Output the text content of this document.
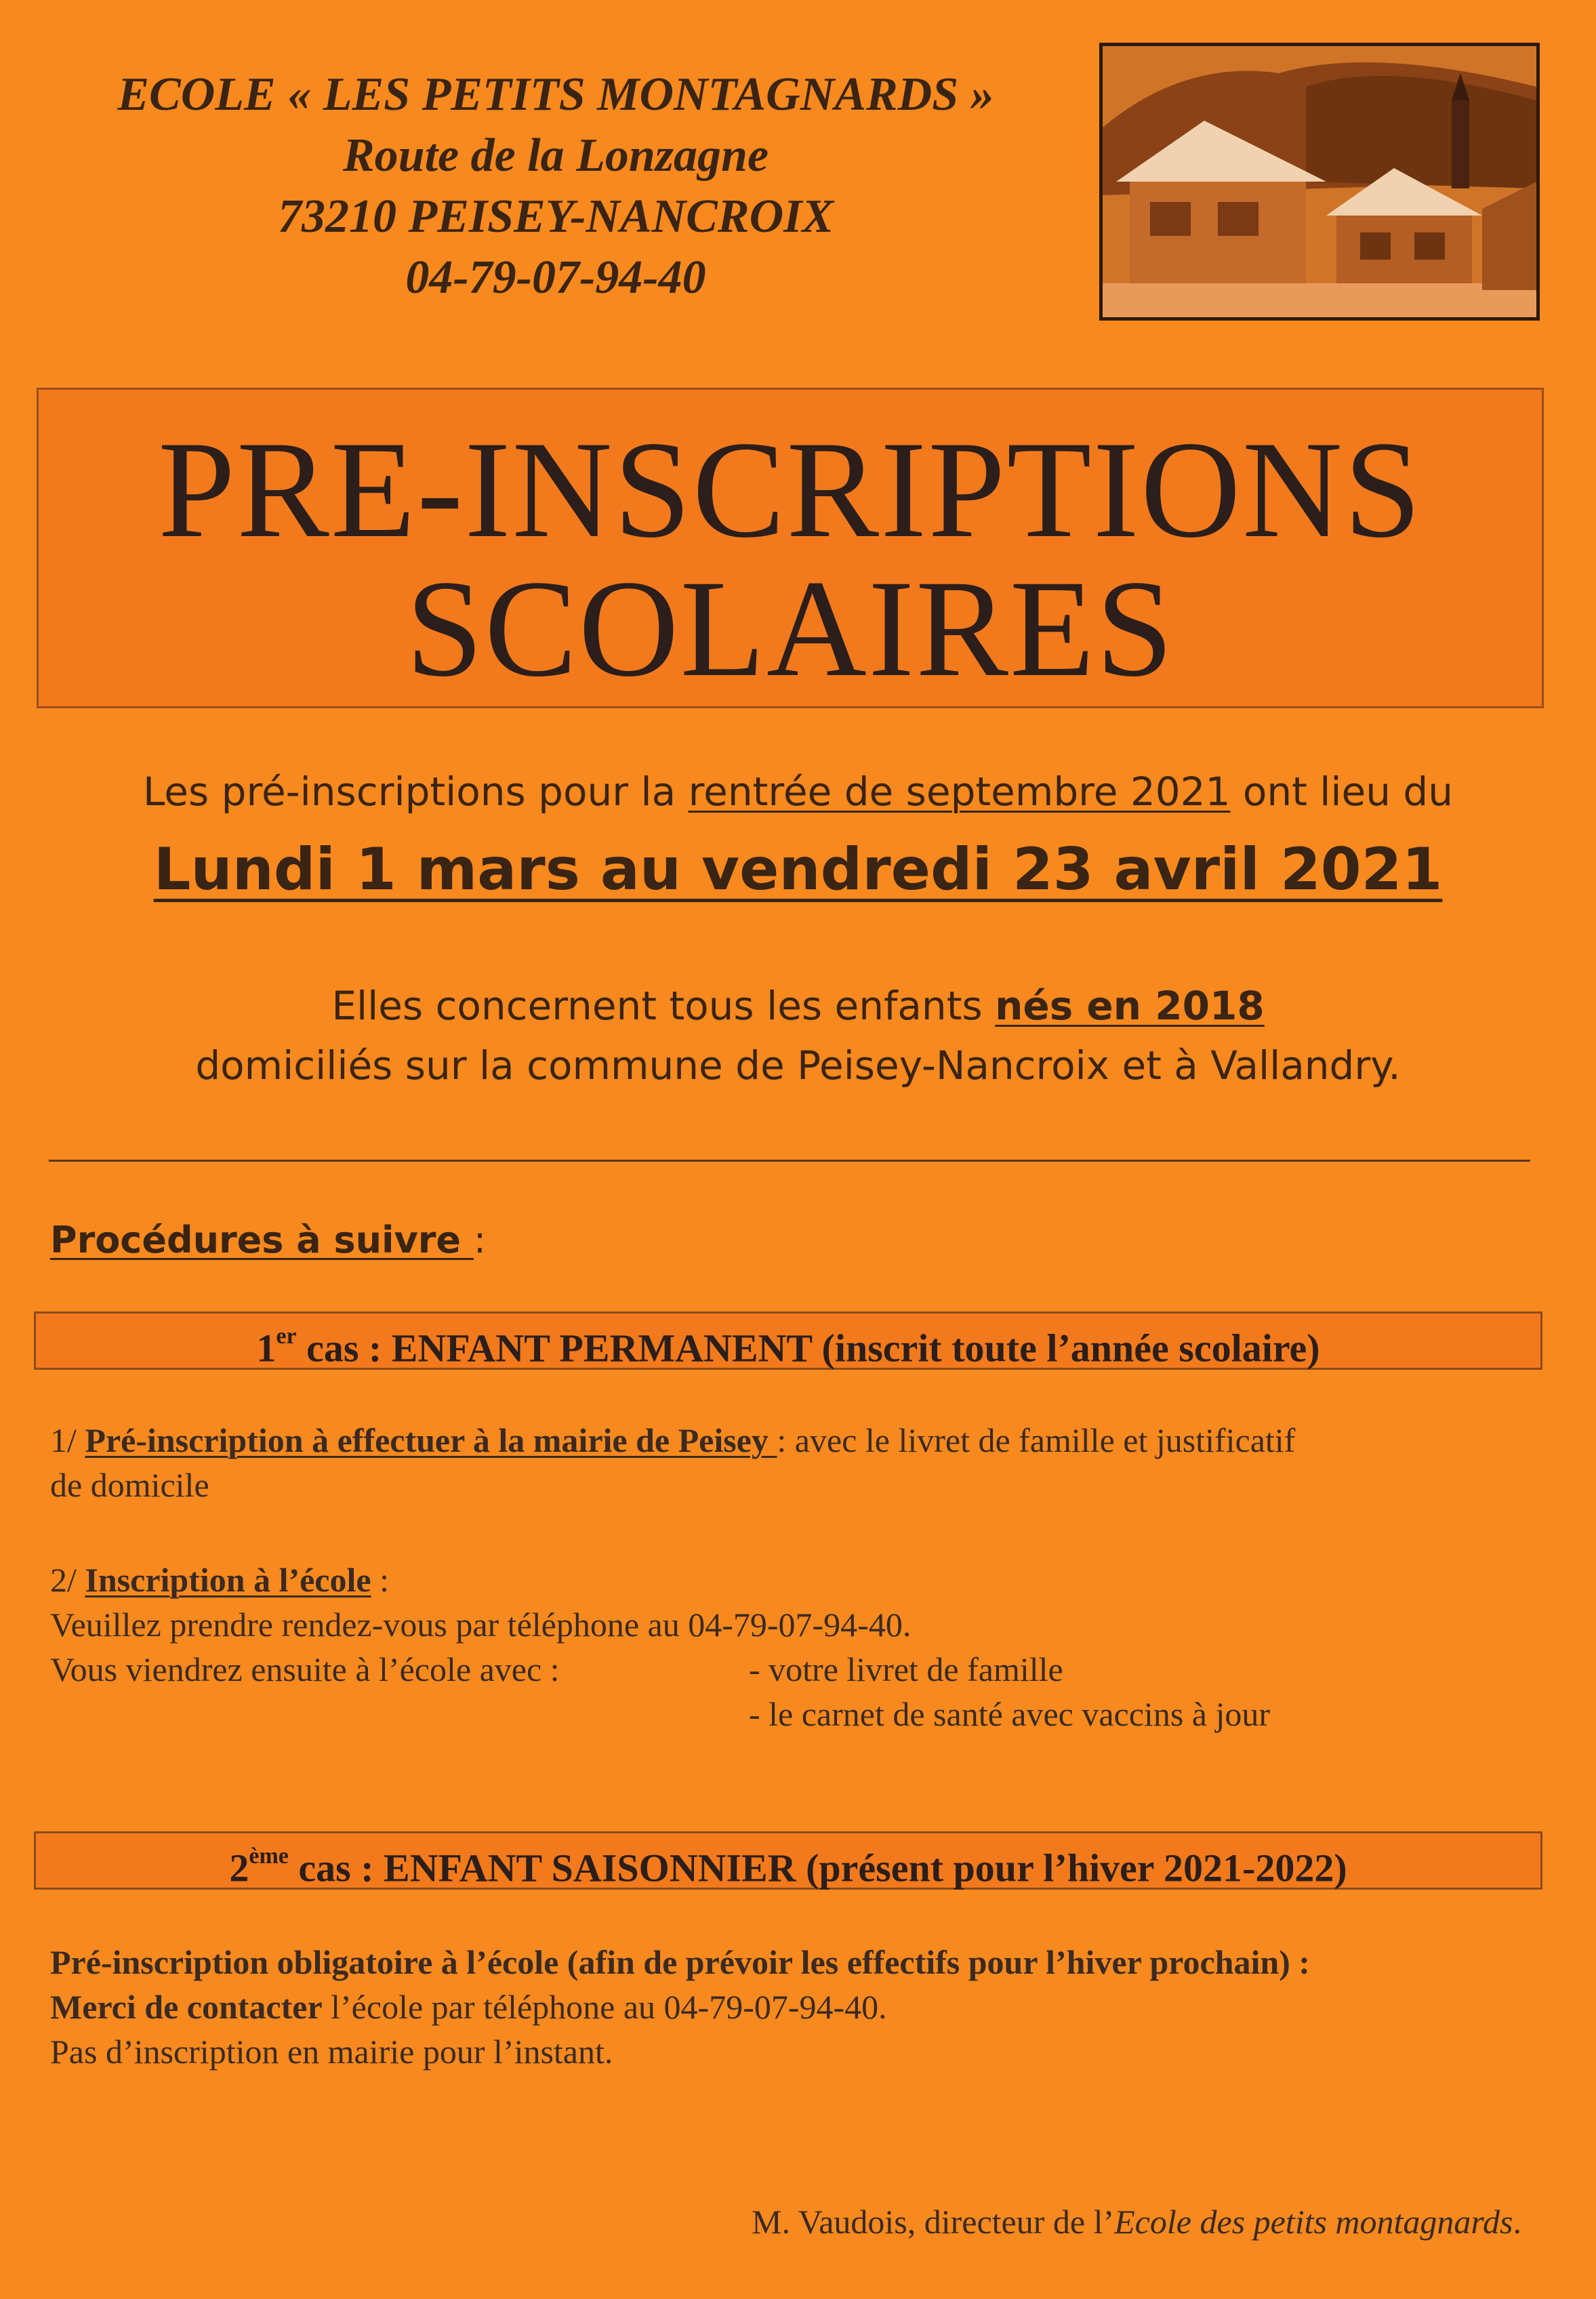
ECOLE « LES PETITS MONTAGNARDS »
Route de la Lonzagne
73210 PEISEY-NANCROIX
04-79-07-94-40
PRE-INSCRIPTIONS
SCOLAIRES
Les pré-inscriptions pour la rentrée de septembre 2021 ont lieu du
Lundi 1 mars au vendredi 23 avril 2021
Elles concernent tous les enfants nés en 2018
domiciliés sur la commune de Peisey-Nancroix et à Vallandry.
Procédures à suivre :
1er cas : ENFANT PERMANENT (inscrit toute l’année scolaire)
1/ Pré-inscription à effectuer à la mairie de Peisey : avec le livret de famille et justificatif
de domicile
2/ Inscription à l’école :
Veuillez prendre rendez-vous par téléphone au 04-79-07-94-40.
Vous viendrez ensuite à l’école avec :	- votre livret de famille
- le carnet de santé avec vaccins à jour
2ème cas : ENFANT SAISONNIER (présent pour l’hiver 2021-2022)
Pré-inscription obligatoire à l’école (afin de prévoir les effectifs pour l’hiver prochain) :
Merci de contacter l’école par téléphone au 04-79-07-94-40.
Pas d’inscription en mairie pour l’instant.
M. Vaudois, directeur de l’Ecole des petits montagnards.
